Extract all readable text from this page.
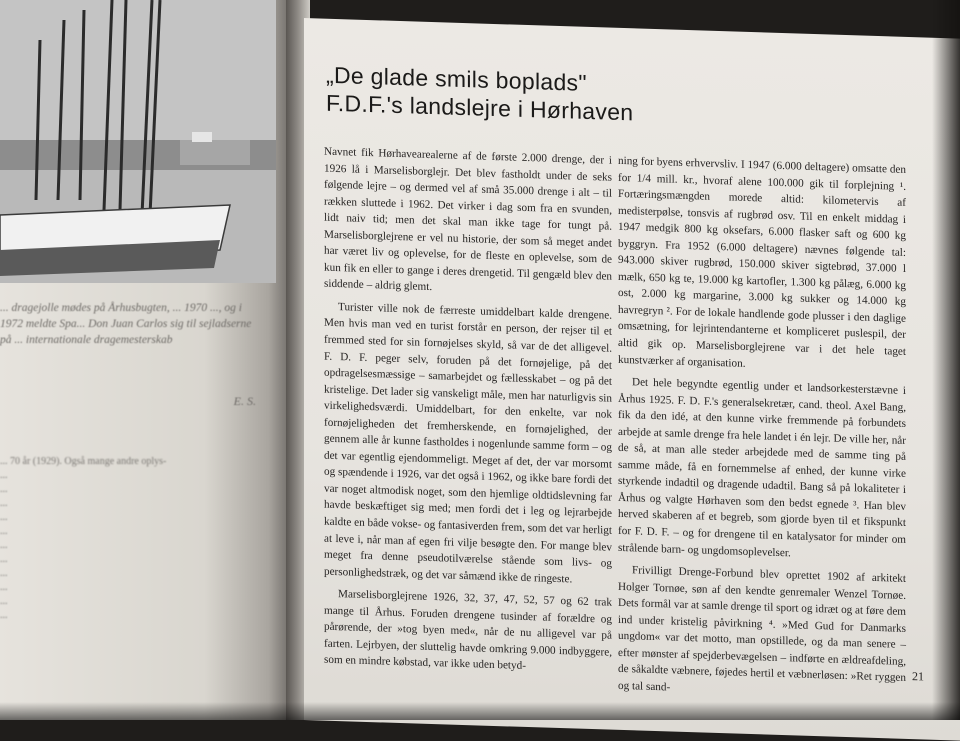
... dragejolle mødes på Århusbugten, ... 1970 ..., og i 1972 meldte Spa... Don Juan Carlos sig til sejladserne på ... internationale dragemesterskab

E. S.
... 70 år (1929). Også mange andre oplys-
...
...
...
...
...
...
...
...
...
...
...
„De glade smils boplads"
F.D.F.'s landslejre i Hørhaven

Navnet fik Hørhavearealerne af de første 2.000 drenge, der i 1926 lå i Marselisborglejr. Det blev fastholdt under de seks følgende lejre – og dermed vel af små 35.000 drenge i alt – til rækken sluttede i 1962. Det virker i dag som fra en svunden, lidt naiv tid; men det skal man ikke tage for tungt på. Marselisborglejrene er vel nu historie, der som så meget andet har været liv og oplevelse, for de fleste en oplevelse, som de kun fik en eller to gange i deres drengetid. Til gengæld blev den siddende – aldrig glemt.

Turister ville nok de færreste umiddelbart kalde drengene. Men hvis man ved en turist forstår en person, der rejser til et fremmed sted for sin fornøjelses skyld, så var de det alligevel. F. D. F. peger selv, foruden på det fornøjelige, på det opdragelsesmæssige – samarbejdet og fællesskabet – og på det kristelige. Det lader sig vanskeligt måle, men har naturligvis sin virkelighedsværdi. Umiddelbart, for den enkelte, var nok fornøjeligheden det fremherskende, en fornøjelighed, der gennem alle år kunne fastholdes i nogenlunde samme form – og det var egentlig ejendommeligt. Meget af det, der var morsomt og spændende i 1926, var det også i 1962, og ikke bare fordi det var noget altmodisk noget, som den hjemlige oldtidslevning far havde beskæftiget sig med; men fordi det i leg og lejrarbejde kaldte en både vokse- og fantasiverden frem, som det var herligt at leve i, når man af egen fri vilje besøgte den. For mange blev meget fra denne pseudotilværelse stående som livs- og personlighedstræk, og det var såmænd ikke de ringeste.

Marselisborglejrene 1926, 32, 37, 47, 52, 57 og 62 trak mange til Århus. Foruden drengene tusinder af forældre og pårørende, der »tog byen med«, når de nu alligevel var på farten. Lejrbyen, der sluttelig havde omkring 9.000 indbyggere, som en mindre købstad, var ikke uden betyd-

ning for byens erhvervsliv. I 1947 (6.000 deltagere) omsatte den for 1/4 mill. kr., hvoraf alene 100.000 gik til forplejning ¹. Fortæringsmængden morede altid: kilometervis af medisterpølse, tonsvis af rugbrød osv. Til en enkelt middag i 1947 medgik 800 kg oksefars, 6.000 flasker saft og 600 kg byggryn. Fra 1952 (6.000 deltagere) nævnes følgende tal: 943.000 skiver rugbrød, 150.000 skiver sigtebrød, 37.000 l mælk, 650 kg te, 19.000 kg kartofler, 1.300 kg pålæg, 6.000 kg ost, 2.000 kg margarine, 3.000 kg sukker og 14.000 kg havregryn ². For de lokale handlende gode plusser i den daglige omsætning, for lejrintendanterne et kompliceret puslespil, der altid gik op. Marselisborglejrene var i det hele taget kunstværker af organisation.

Det hele begyndte egentlig under et landsorkesterstævne i Århus 1925. F. D. F.'s generalsekretær, cand. theol. Axel Bang, fik da den idé, at den kunne virke fremmende på forbundets arbejde at samle drenge fra hele landet i én lejr. De ville her, når de så, at man alle steder arbejdede med de samme ting på samme måde, få en fornemmelse af enhed, der kunne virke styrkende indadtil og dragende udadtil. Bang så på lokaliteter i Århus og valgte Hørhaven som den bedst egnede ³. Han blev herved skaberen af et begreb, som gjorde byen til et fikspunkt for F. D. F. – og for drengene til en katalysator for minder om strålende barn- og ungdomsoplevelser.

Frivilligt Drenge-Forbund blev oprettet 1902 af arkitekt Holger Tornøe, søn af den kendte genremaler Wenzel Tornøe. Dets formål var at samle drenge til sport og idræt og at føre dem ind under kristelig påvirkning ⁴. »Med Gud for Danmarks ungdom« var det motto, man opstillede, og da man senere – efter mønster af spejderbevægelsen – indførte en ældreafdeling, de såkaldte væbnere, føjedes hertil et væbnerløsen: »Ret ryggen og tal sand-

21
